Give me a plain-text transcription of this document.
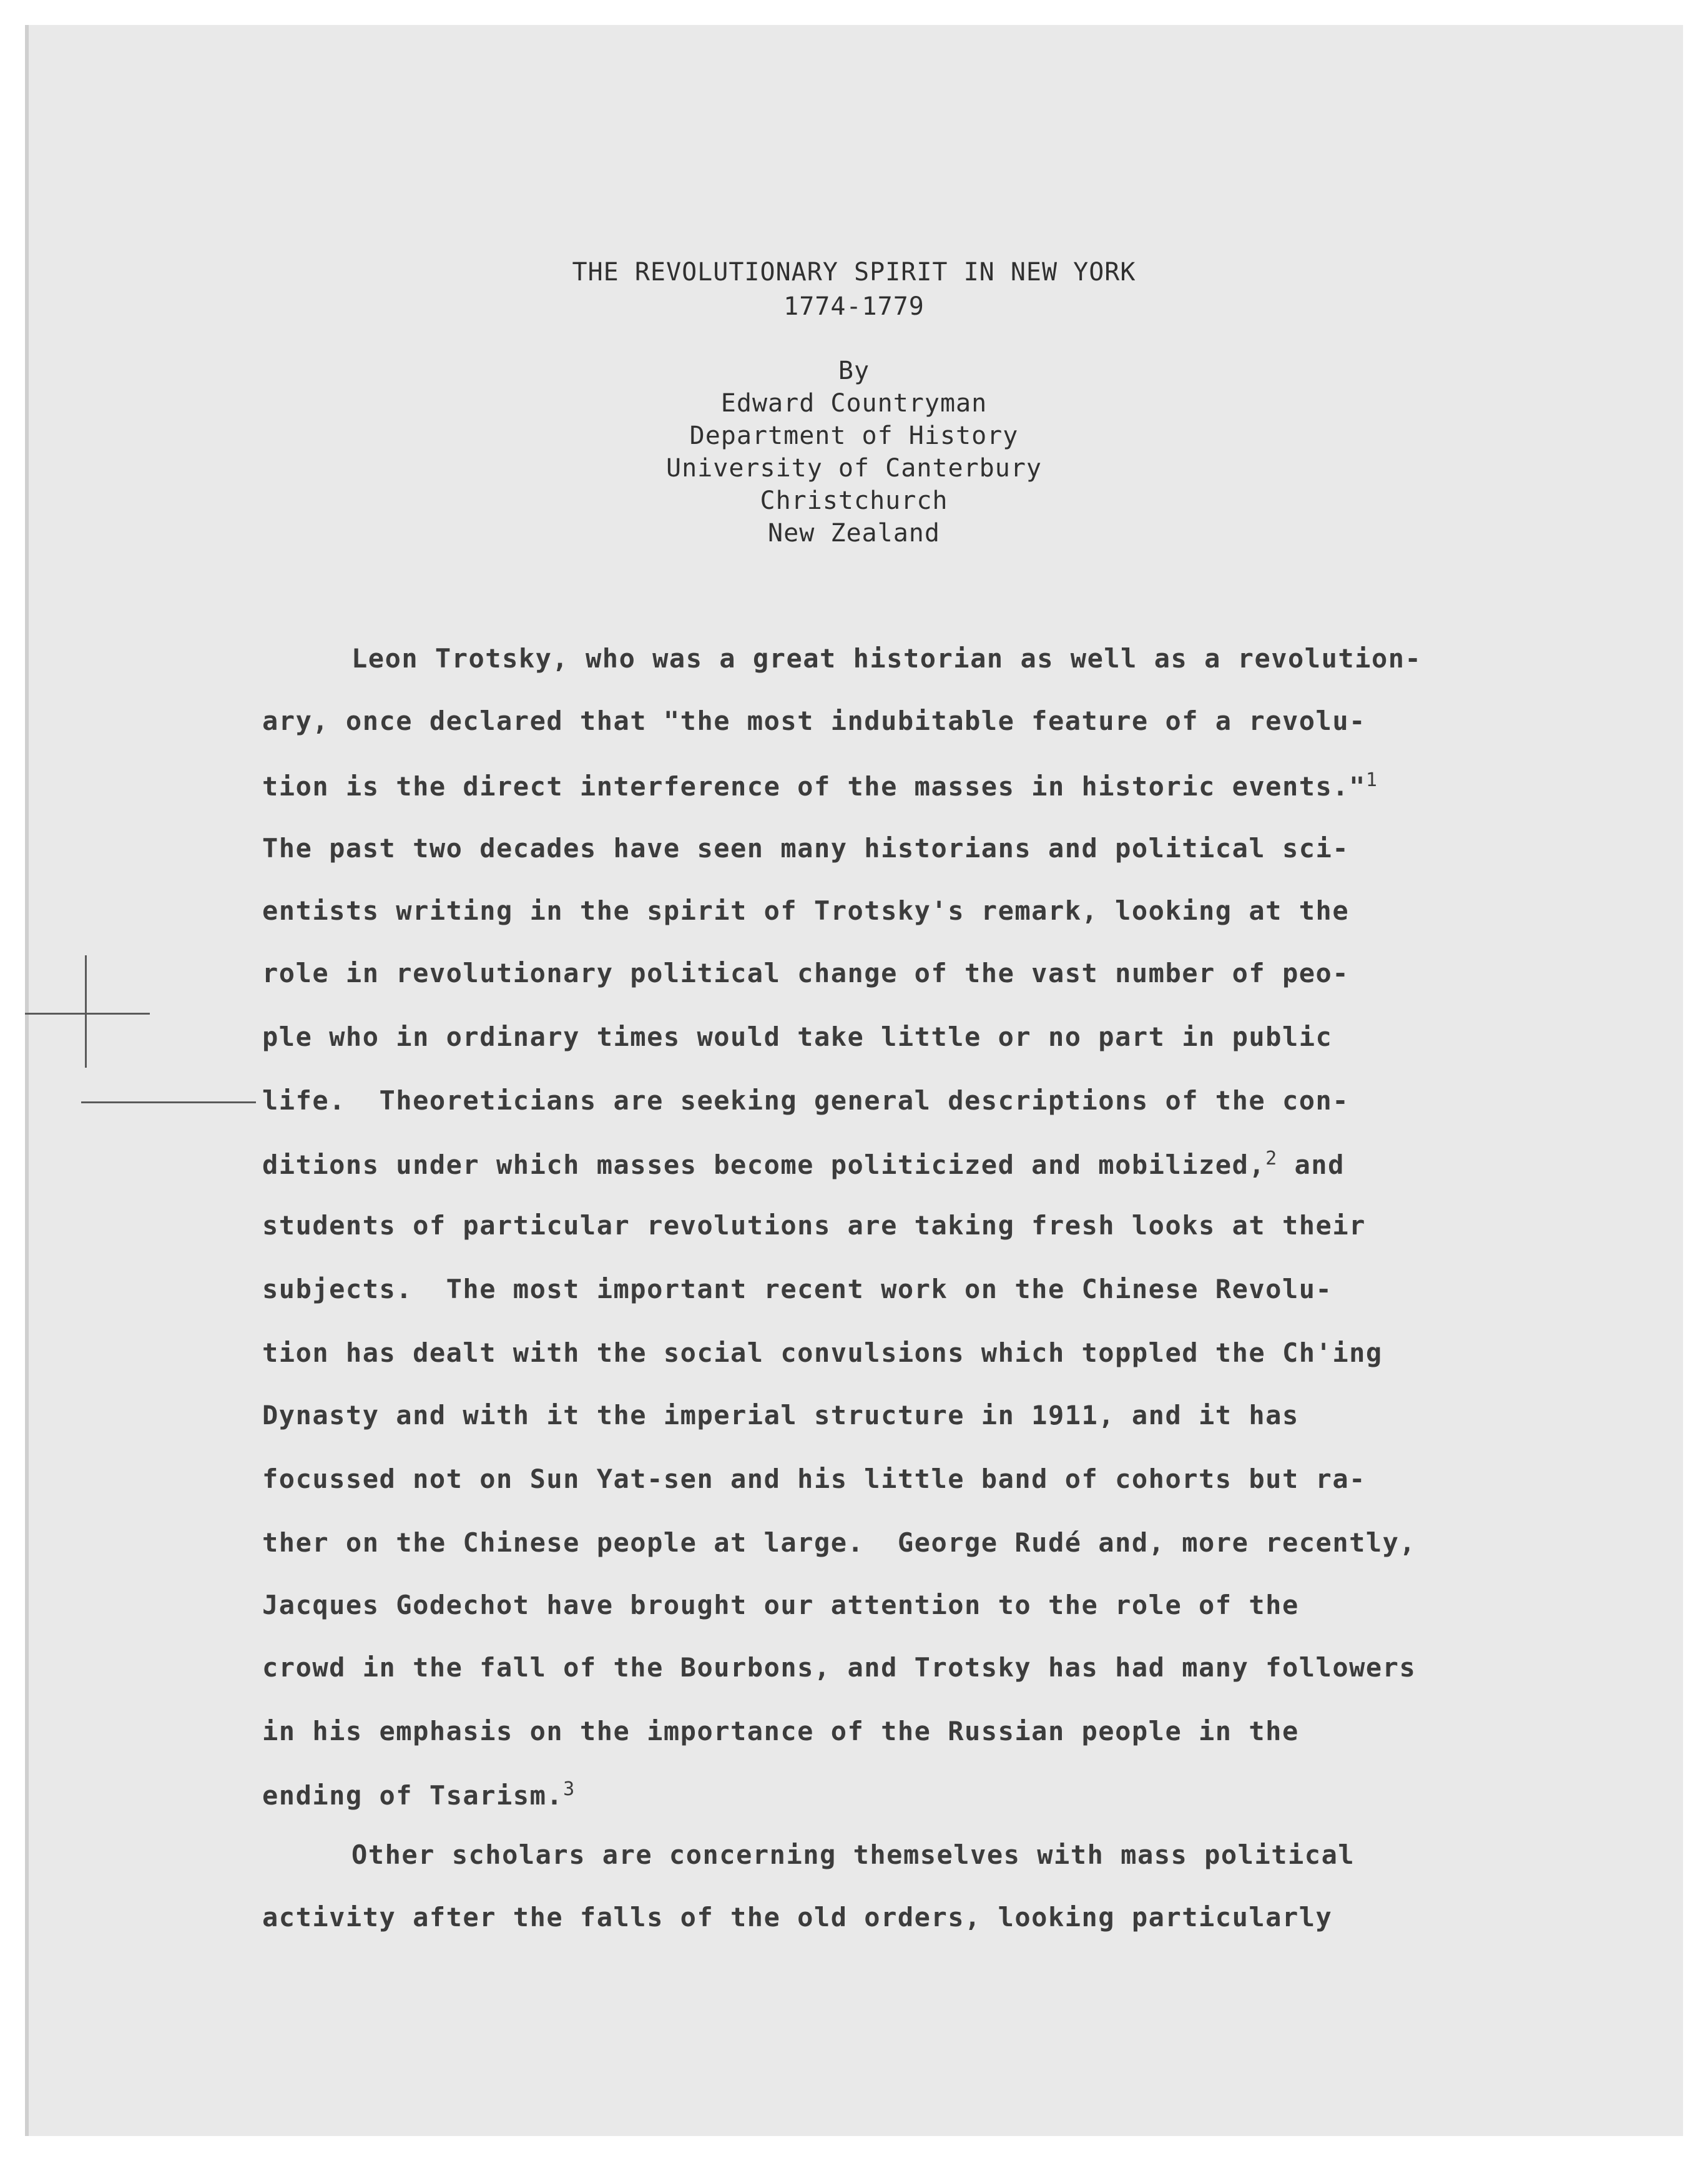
THE REVOLUTIONARY SPIRIT IN NEW YORK
1774-1779
By
Edward Countryman
Department of History
University of Canterbury
Christchurch
New Zealand
Leon Trotsky, who was a great historian as well as a revolution-
ary, once declared that "the most indubitable feature of a revolu-
tion is the direct interference of the masses in historic events."$^1$
The past two decades have seen many historians and political sci-
entists writing in the spirit of Trotsky's remark, looking at the
role in revolutionary political change of the vast number of peo-
ple who in ordinary times would take little or no part in public
life.  Theoreticians are seeking general descriptions of the con-
ditions under which masses become politicized and mobilized,$^2$ and
students of particular revolutions are taking fresh looks at their
subjects.  The most important recent work on the Chinese Revolu-
tion has dealt with the social convulsions which toppled the Ch'ing
Dynasty and with it the imperial structure in 1911, and it has
focussed not on Sun Yat-sen and his little band of cohorts but ra-
ther on the Chinese people at large.  George Rudé and, more recently,
Jacques Godechot have brought our attention to the role of the
crowd in the fall of the Bourbons, and Trotsky has had many followers
in his emphasis on the importance of the Russian people in the
ending of Tsarism.$^3$
Other scholars are concerning themselves with mass political
activity after the falls of the old orders, looking particularly
